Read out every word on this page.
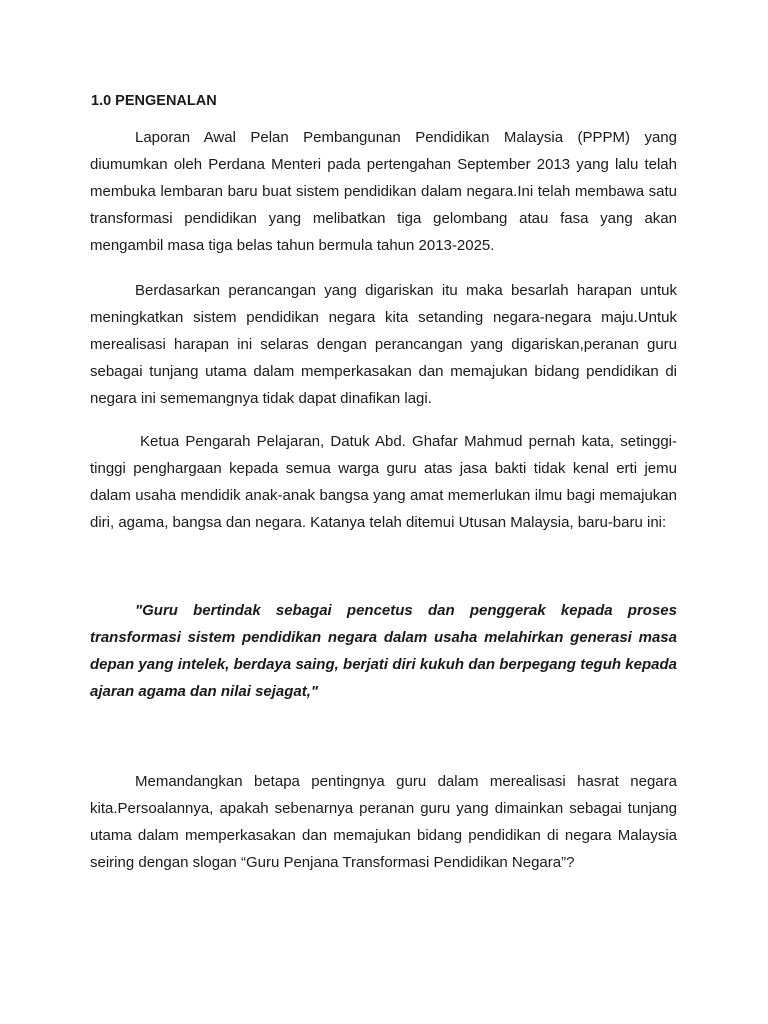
1.0 PENGENALAN

Laporan Awal Pelan Pembangunan Pendidikan Malaysia (PPPM) yang diumumkan oleh Perdana Menteri pada pertengahan September 2013 yang lalu telah membuka lembaran baru buat sistem pendidikan dalam negara.Ini telah membawa satu transformasi pendidikan yang melibatkan tiga gelombang atau fasa yang akan mengambil masa tiga belas tahun bermula tahun 2013-2025.

Berdasarkan perancangan yang digariskan itu maka besarlah harapan untuk meningkatkan sistem pendidikan negara kita setanding negara-negara maju.Untuk merealisasi harapan ini selaras dengan perancangan yang digariskan,peranan guru sebagai tunjang utama dalam memperkasakan dan memajukan bidang pendidikan di negara ini sememangnya tidak dapat dinafikan lagi.

Ketua Pengarah Pelajaran, Datuk Abd. Ghafar Mahmud pernah kata, setinggi-tinggi penghargaan kepada semua warga guru atas jasa bakti tidak kenal erti jemu dalam usaha mendidik anak-anak bangsa yang amat memerlukan ilmu bagi memajukan diri, agama, bangsa dan negara. Katanya telah ditemui Utusan Malaysia, baru-baru ini:

"Guru bertindak sebagai pencetus dan penggerak kepada proses transformasi sistem pendidikan negara dalam usaha melahirkan generasi masa depan yang intelek, berdaya saing, berjati diri kukuh dan berpegang teguh kepada ajaran agama dan nilai sejagat,"

Memandangkan betapa pentingnya guru dalam merealisasi hasrat negara kita.Persoalannya, apakah sebenarnya peranan guru yang dimainkan sebagai tunjang utama dalam memperkasakan dan memajukan bidang pendidikan di negara Malaysia seiring dengan slogan “Guru Penjana Transformasi Pendidikan Negara”?
